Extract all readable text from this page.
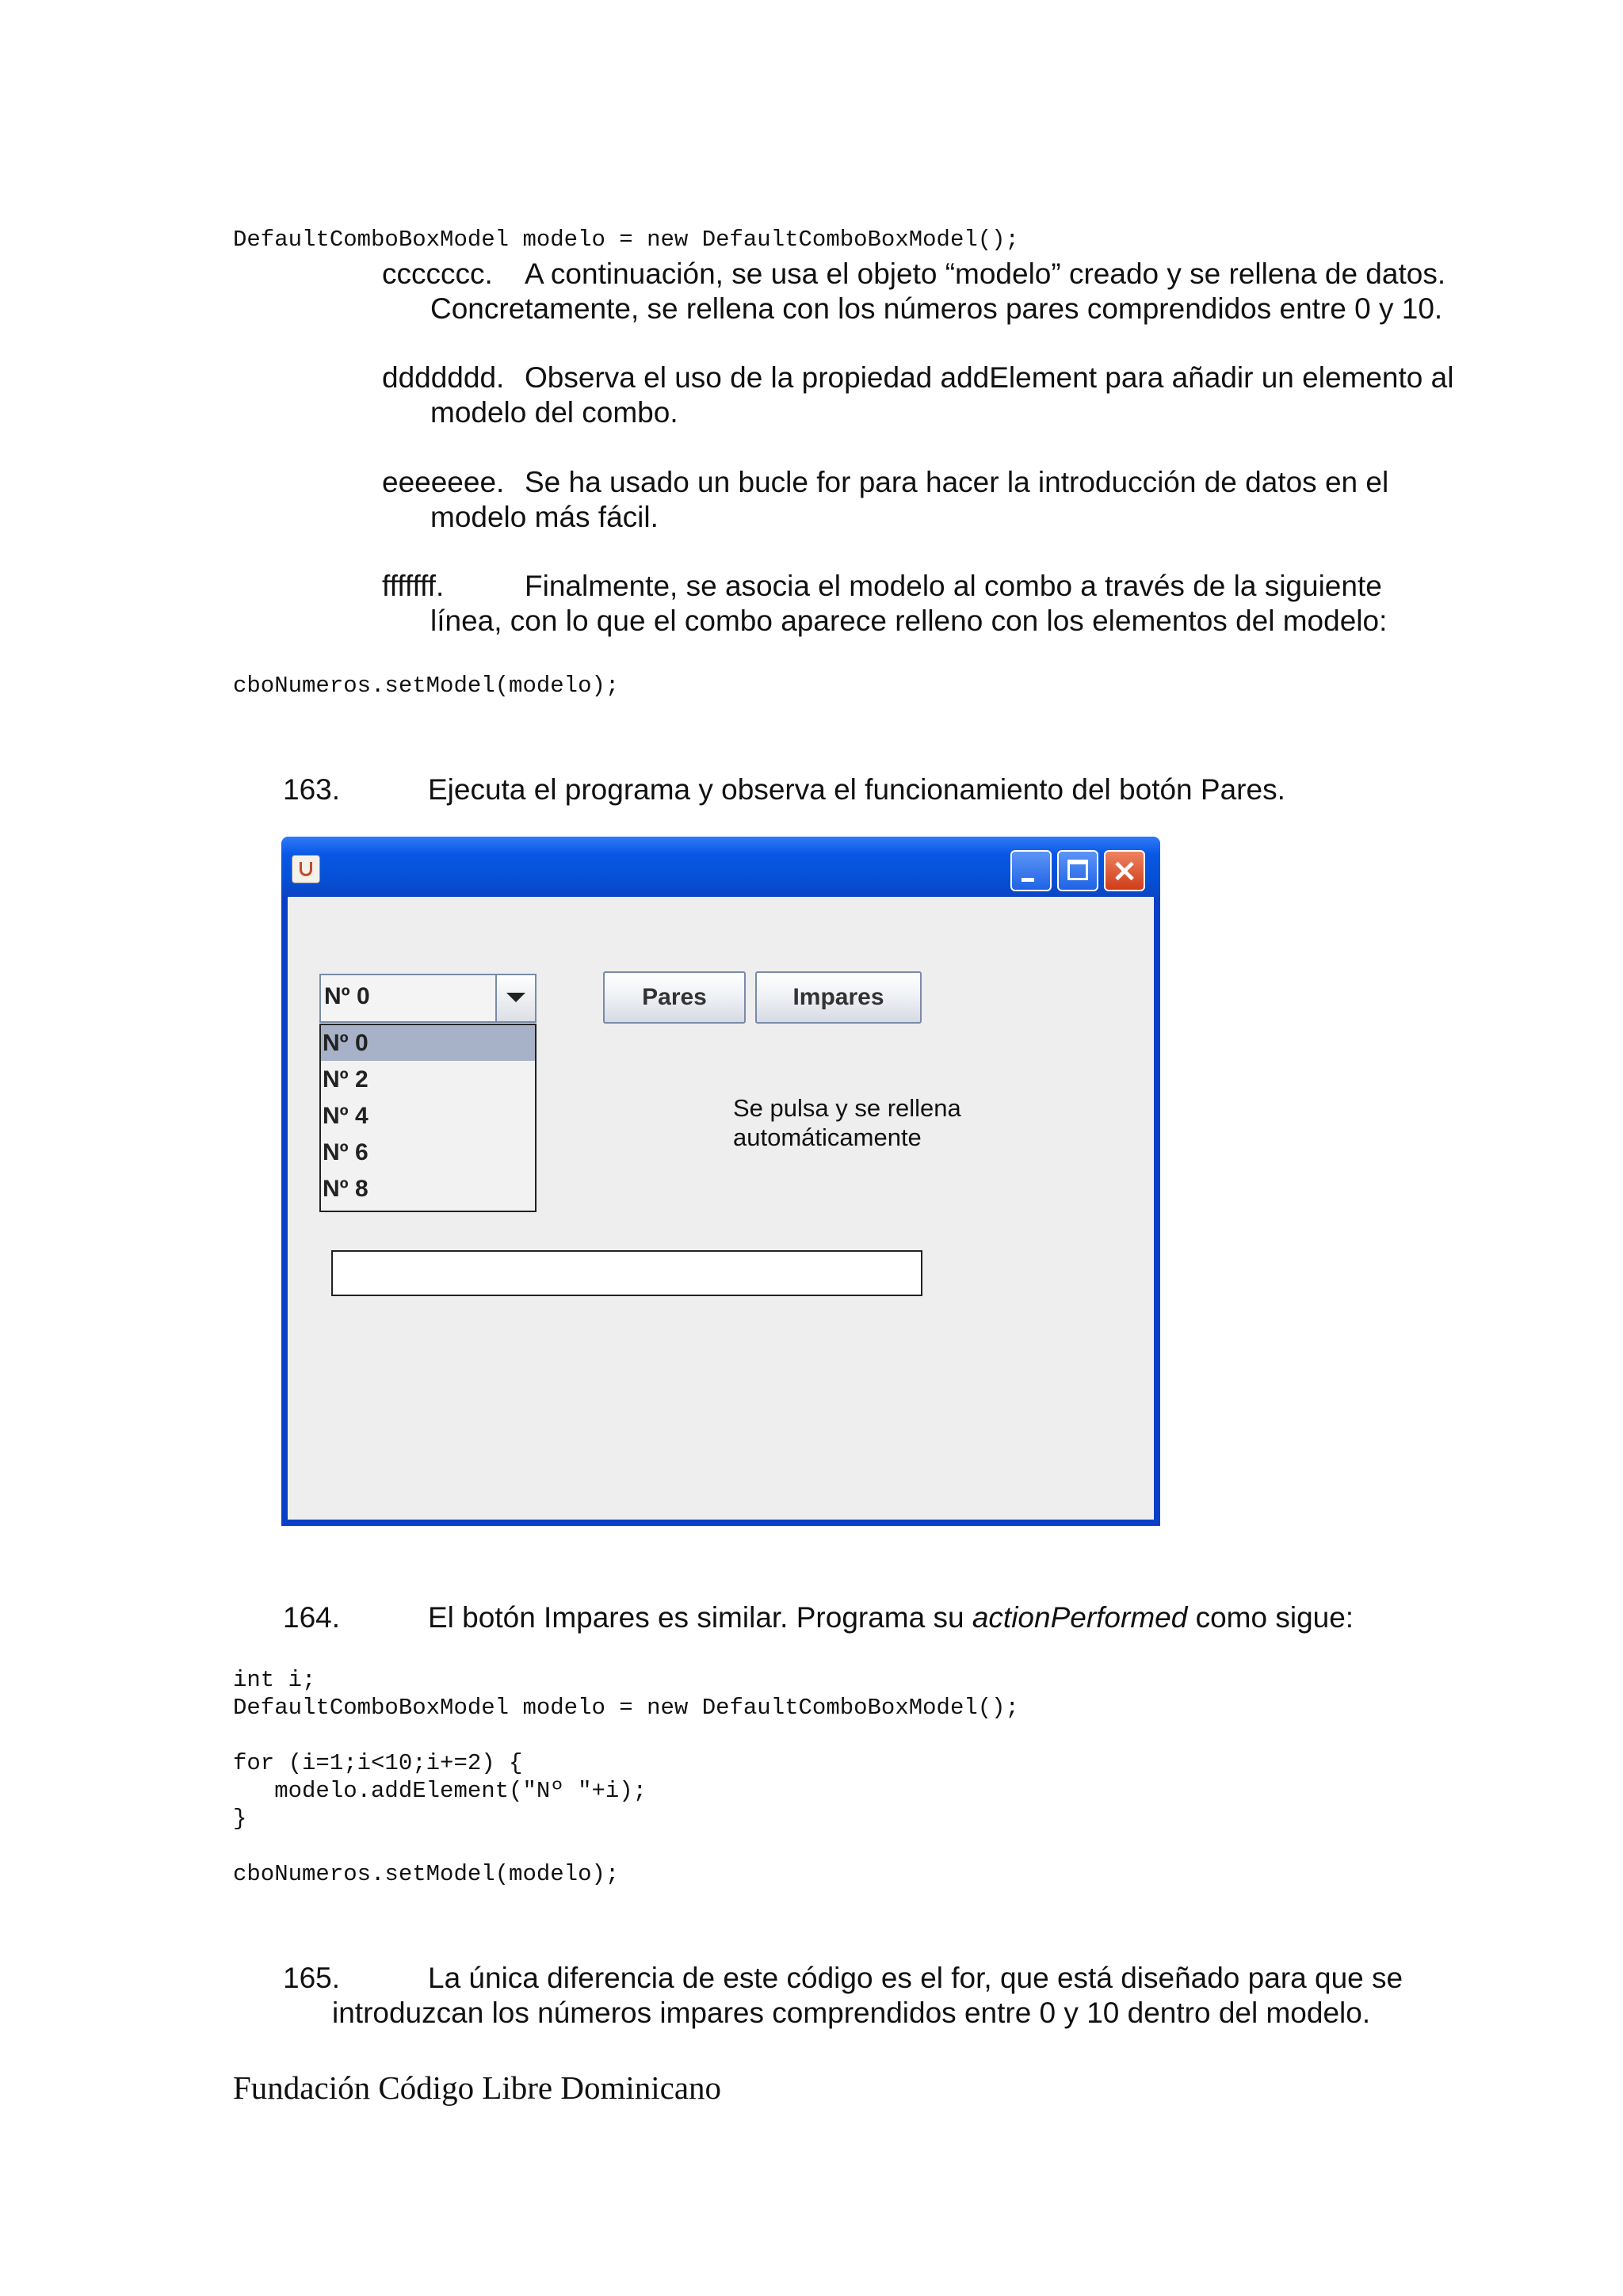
DefaultComboBoxModel modelo = new DefaultComboBoxModel();
ccccccc. A continuación, se usa el objeto “modelo” creado y se rellena de datos.
Concretamente, se rellena con los números pares comprendidos entre 0 y 10.
ddddddd. Observa el uso de la propiedad addElement para añadir un elemento al
modelo del combo.
eeeeeee. Se ha usado un bucle for para hacer la introducción de datos en el
modelo más fácil.
fffffff.	Finalmente, se asocia el modelo al combo a través de la siguiente
línea, con lo que el combo aparece relleno con los elementos del modelo:
cboNumeros.setModel(modelo);
163.	Ejecuta el programa y observa el funcionamiento del botón Pares.
×
Nº 0
Nº 0
Nº 2
Nº 4
Nº 6
Nº 8
Pares	Impares
Se pulsa y se rellena
automáticamente
164.	El botón Impares es similar. Programa su actionPerformed como sigue:
int i;
DefaultComboBoxModel modelo = new DefaultComboBoxModel();

for (i=1;i<10;i+=2) {
modelo.addElement("Nº "+i);
}

cboNumeros.setModel(modelo);
165.	La única diferencia de este código es el for, que está diseñado para que se
introduzcan los números impares comprendidos entre 0 y 10 dentro del modelo.
Fundación Código Libre Dominicano
